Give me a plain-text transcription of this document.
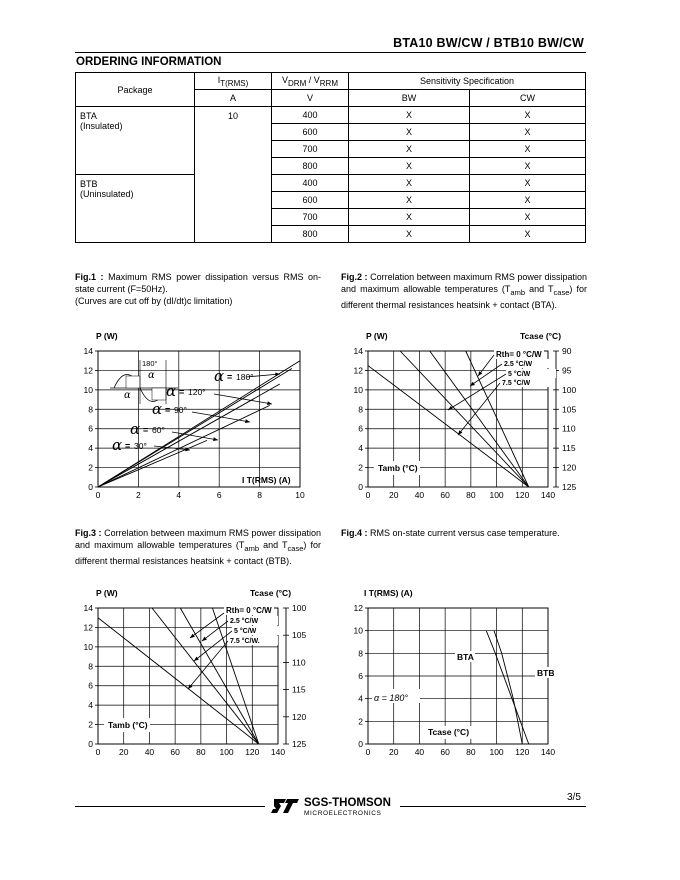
BTA10 BW/CW / BTB10 BW/CW
ORDERING INFORMATION
Package	$I_{T(RMS)}$	$V_{DRM} / V_{RRM}$	Sensitivity Specification	
	A	V	BW	CW
BTA
(Insulated)	10	400	X	X
		600	X	X
		700	X	X
		800	X	X
BTB
(Uninsulated)		400	X	X
		600	X	X
		700	X	X
		800	X	X
Fig.1 : Maximum RMS power dissipation versus RMS on-state current (F=50Hz).
(Curves are cut off by (dI/dt)c limitation)
Fig.2 : Correlation between maximum RMS power dissipation and maximum allowable temperatures ($T_{amb}$ and $T_{case}$) for different thermal resistances heatsink + contact (BTA).
Fig.3 : Correlation between maximum RMS power dissipation and maximum allowable temperatures ($T_{amb}$ and $T_{case}$) for different thermal resistances heatsink + contact (BTB).
Fig.4 : RMS on-state current versus case temperature.
0	2	4	6	8	10
0
2
4
6
8
10
12
14
P (W)
I T(RMS) (A)
180°
α
α
α = 180°
α = 120°
α = 90°
α = 60°
α = 30°
0 20 40 60 80 100 120 140
0
2
4
6
8
10
12
14	90
95
100
105
110
115
120
125
P (W)	Tcase (°C)
Tamb (°C)
Rth= 0 °C/W
2.5 °C/W
5 °C/W
7.5 °C/W
0 20 40 60 80 100 120 140
0
2
4
6
8
10
12
14	100
105
110
115
120
125
P (W)	Tcase (°C)
Tamb (°C)
Rth= 0 °C/W
2.5 °C/W
5 °C/W
7.5 °C/W.
0 20 40 60 80 100 120 140
0
2
4
6
8
10
12
I T(RMS) (A)
Tcase (°C)
BTA
BTB
α = 180°
SGS-THOMSON
MICROELECTRONICS
3/5
